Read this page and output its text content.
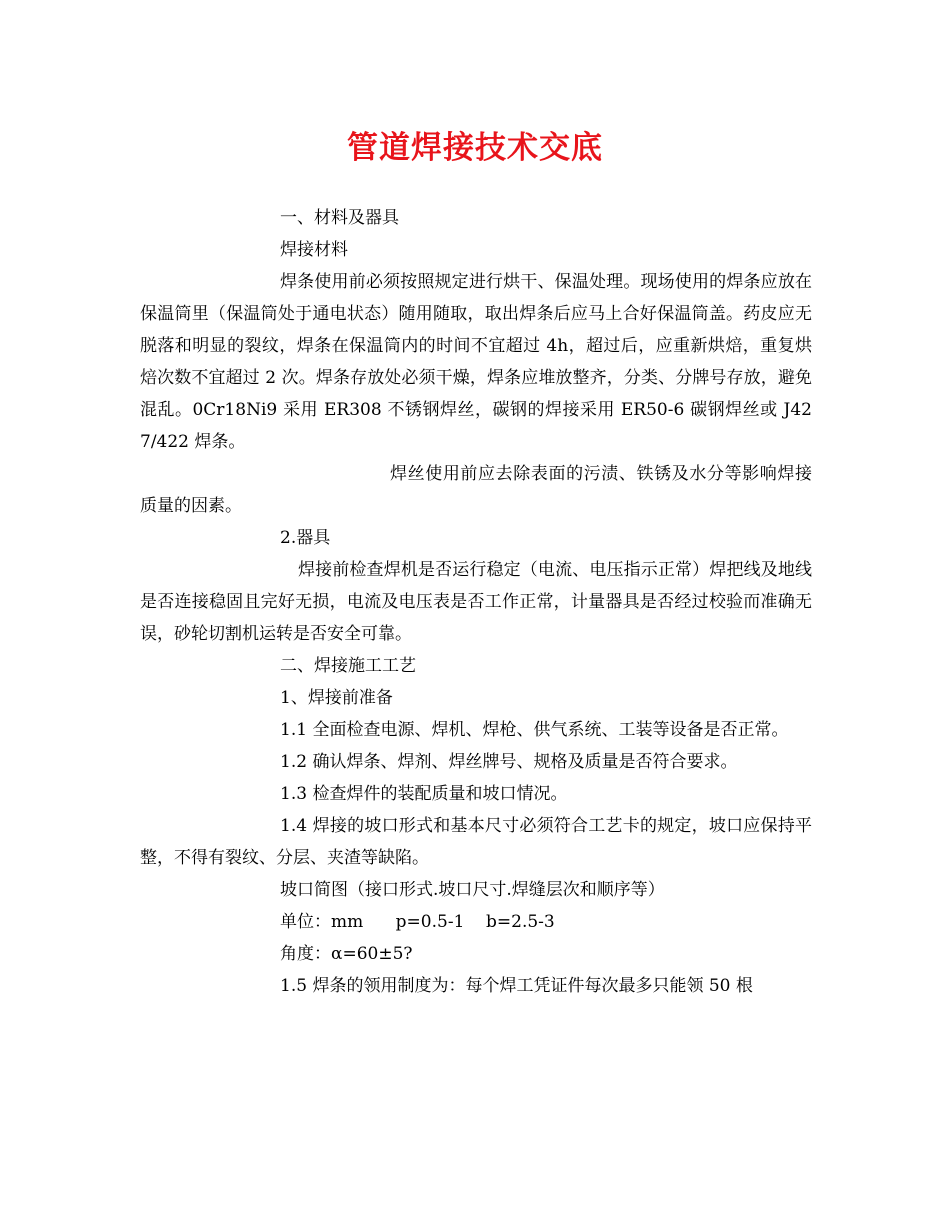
管道焊接技术交底

一、材料及器具

焊接材料

焊条使用前必须按照规定进行烘干、保温处理。现场使用的焊条应放在保温筒里（保温筒处于通电状态）随用随取，取出焊条后应马上合好保温筒盖。药皮应无脱落和明显的裂纹，焊条在保温筒内的时间不宜超过 4h，超过后，应重新烘焙，重复烘焙次数不宜超过 2 次。焊条存放处必须干燥，焊条应堆放整齐，分类、分牌号存放，避免混乱。0Cr18Ni9 采用 ER308 不锈钢焊丝，碳钢的焊接采用 ER50-6 碳钢焊丝或 J427/422 焊条。

焊丝使用前应去除表面的污渍、铁锈及水分等影响焊接质量的因素。

2.器具

焊接前检查焊机是否运行稳定（电流、电压指示正常）焊把线及地线是否连接稳固且完好无损，电流及电压表是否工作正常，计量器具是否经过校验而准确无误，砂轮切割机运转是否安全可靠。

二、焊接施工工艺

1、焊接前准备

1.1 全面检查电源、焊机、焊枪、供气系统、工装等设备是否正常。

1.2 确认焊条、焊剂、焊丝牌号、规格及质量是否符合要求。

1.3 检查焊件的装配质量和坡口情况。

1.4 焊接的坡口形式和基本尺寸必须符合工艺卡的规定，坡口应保持平整，不得有裂纹、分层、夹渣等缺陷。

坡口简图（接口形式.坡口尺寸.焊缝层次和顺序等）

单位：mm      p=0.5-1    b=2.5-3

角度：α=60±5?

1.5 焊条的领用制度为：每个焊工凭证件每次最多只能领 50 根
